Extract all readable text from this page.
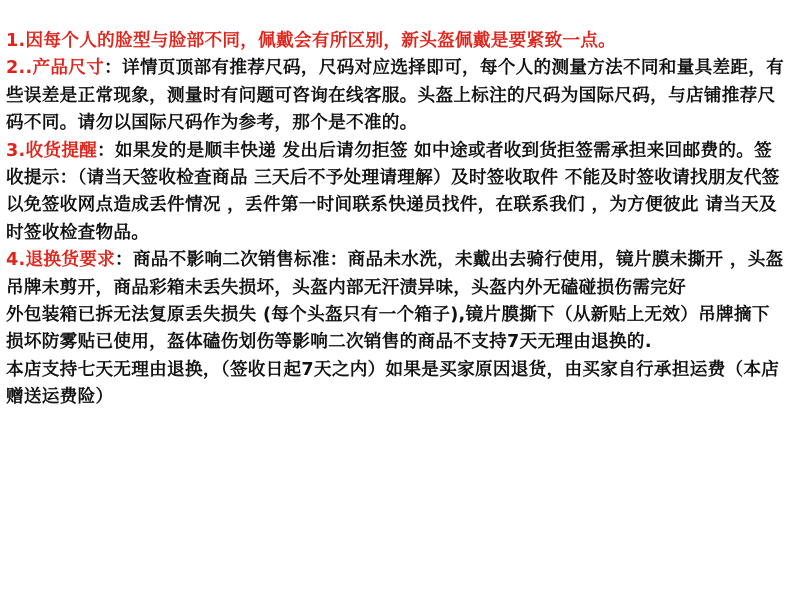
1.因每个人的脸型与脸部不同，佩戴会有所区别，新头盔佩戴是要紧致一点。

2..产品尺寸：详情页顶部有推荐尺码，尺码对应选择即可，每个人的测量方法不同和量具差距，有些误差是正常现象，测量时有问题可咨询在线客服。头盔上标注的尺码为国际尺码，与店铺推荐尺码不同。请勿以国际尺码作为参考，那个是不准的。

3.收货提醒：如果发的是顺丰快递 发出后请勿拒签 如中途或者收到货拒签需承担来回邮费的。签收提示：（请当天签收检查商品 三天后不予处理请理解）及时签收取件 不能及时签收请找朋友代签 以免签收网点造成丢件情况 ，丢件第一时间联系快递员找件，在联系我们 ，为方便彼此 请当天及时签收检查物品。

4.退换货要求：商品不影响二次销售标准：商品未水洗，未戴出去骑行使用，镜片膜未撕开 ，头盔吊牌未剪开，商品彩箱未丢失损坏，头盔内部无汗渍异味，头盔内外无磕碰损伤需完好

外包装箱已拆无法复原丢失损失 (每个头盔只有一个箱子),镜片膜撕下（从新贴上无效）吊牌摘下损坏防雾贴已使用，盔体磕伤划伤等影响二次销售的商品不支持7天无理由退换的.

本店支持七天无理由退换，（签收日起7天之内）如果是买家原因退货，由买家自行承担运费（本店赠送运费险）
